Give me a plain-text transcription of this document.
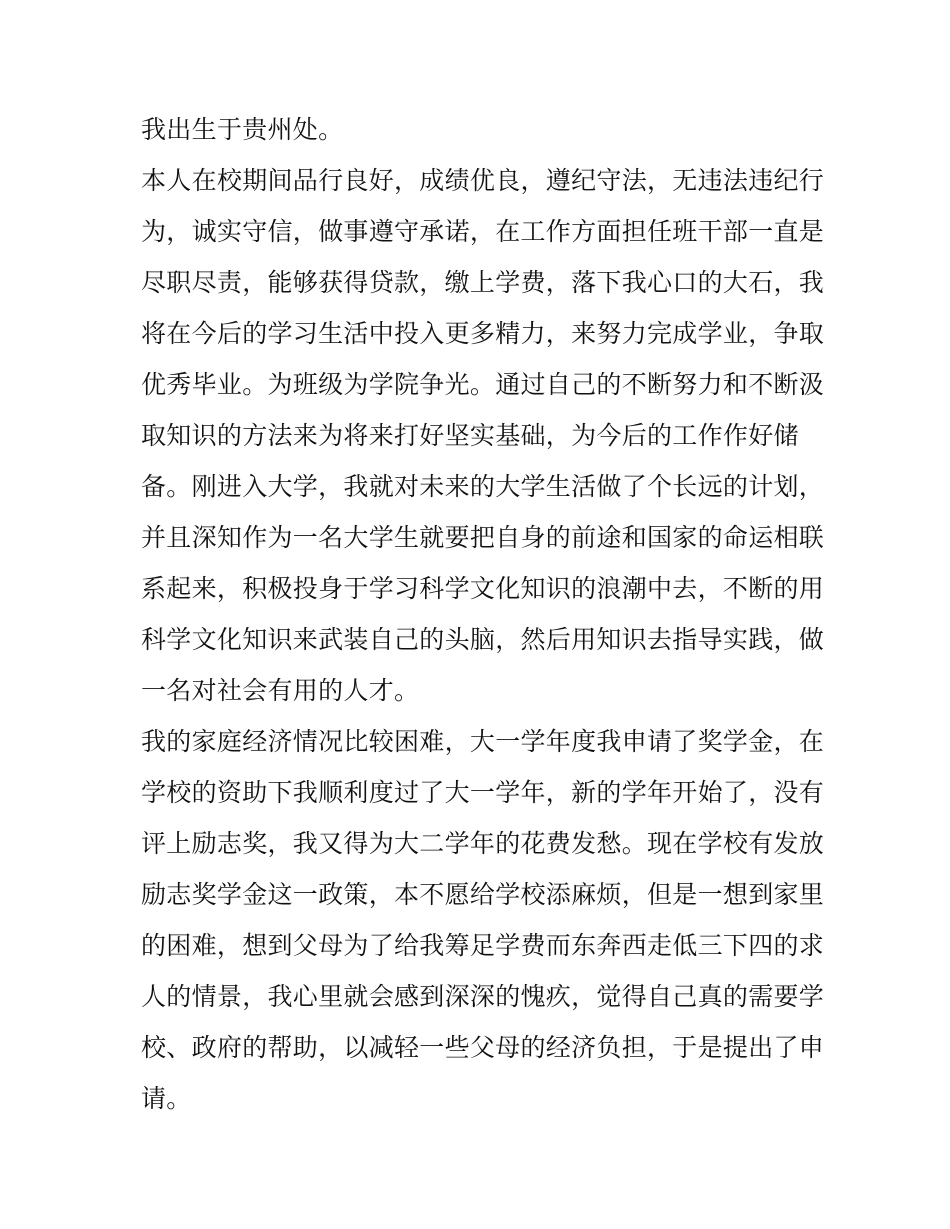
我出生于贵州处。
本人在校期间品行良好，成绩优良，遵纪守法，无违法违纪行
为，诚实守信，做事遵守承诺，在工作方面担任班干部一直是
尽职尽责，能够获得贷款，缴上学费，落下我心口的大石，我
将在今后的学习生活中投入更多精力，来努力完成学业，争取
优秀毕业。为班级为学院争光。通过自己的不断努力和不断汲
取知识的方法来为将来打好坚实基础，为今后的工作作好储
备。刚进入大学，我就对未来的大学生活做了个长远的计划，
并且深知作为一名大学生就要把自身的前途和国家的命运相联
系起来，积极投身于学习科学文化知识的浪潮中去，不断的用
科学文化知识来武装自己的头脑，然后用知识去指导实践，做
一名对社会有用的人才。
我的家庭经济情况比较困难，大一学年度我申请了奖学金，在
学校的资助下我顺利度过了大一学年，新的学年开始了，没有
评上励志奖，我又得为大二学年的花费发愁。现在学校有发放
励志奖学金这一政策，本不愿给学校添麻烦，但是一想到家里
的困难，想到父母为了给我筹足学费而东奔西走低三下四的求
人的情景，我心里就会感到深深的愧疚，觉得自己真的需要学
校、政府的帮助，以减轻一些父母的经济负担，于是提出了申
请。
